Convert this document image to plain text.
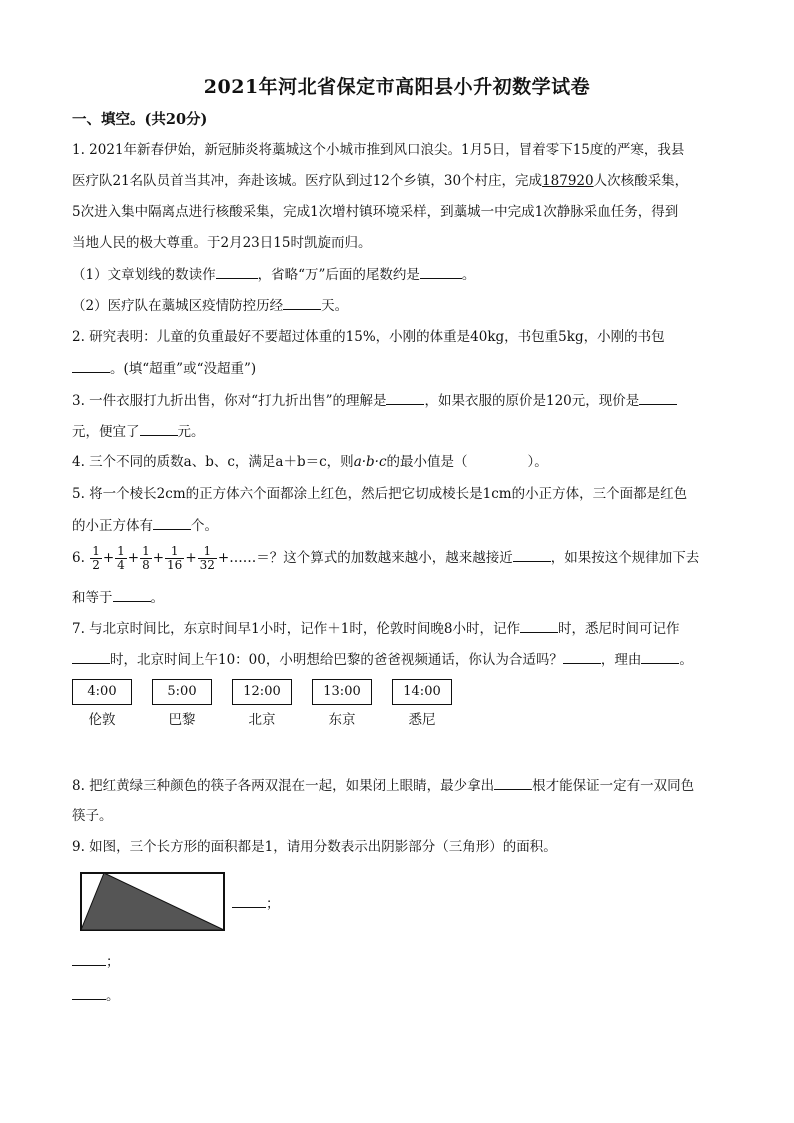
2021年河北省保定市高阳县小升初数学试卷
一、填空。(共20分)
1. 2021年新春伊始，新冠肺炎将藁城这个小城市推到风口浪尖。1月5日，冒着零下15度的严寒，我县
医疗队21名队员首当其冲，奔赴该城。医疗队到过12个乡镇，30个村庄，完成187920人次核酸采集，
5次进入集中隔离点进行核酸采集，完成1次增村镇环境采样，到藁城一中完成1次静脉采血任务，得到
当地人民的极大尊重。于2月23日15时凯旋而归。
（1）文章划线的数读作	，省略“万”后面的尾数约是	。
（2）医疗队在藁城区疫情防控历经	天。
2. 研究表明：儿童的负重最好不要超过体重的15%，小刚的体重是40kg，书包重5kg，小刚的书包
。(填“超重”或“没超重”)
3. 一件衣服打九折出售，你对“打九折出售”的理解是	，如果衣服的原价是120元，现价是
元，便宜了	元。
4. 三个不同的质数a、b、c，满足a＋b＝c，则a·b·c的最小值是（	）。
5. 将一个棱长2cm的正方体六个面都涂上红色，然后把它切成棱长是1cm的小正方体，三个面都是红色
的小正方体有	个。
6. $\frac{1}{2} + \frac{1}{4} + \frac{1}{8} + \frac{1}{16} + \frac{1}{32}$ +……＝？这个算式的加数越来越小，越来越接近	，如果按这个规律加下去
和等于	。
7. 与北京时间比，东京时间早1小时，记作＋1时，伦敦时间晚8小时，记作	时，悉尼时间可记作
时，北京时间上午10：00，小明想给巴黎的爸爸视频通话，你认为合适吗？	，理由	。
4:00	5:00	12:00	13:00	14:00
伦敦	巴黎	北京	东京	悉尼
8. 把红黄绿三种颜色的筷子各两双混在一起，如果闭上眼睛，最少拿出	根才能保证一定有一双同色
筷子。
9. 如图，三个长方形的面积都是1，请用分数表示出阴影部分（三角形）的面积。
；
；
。
